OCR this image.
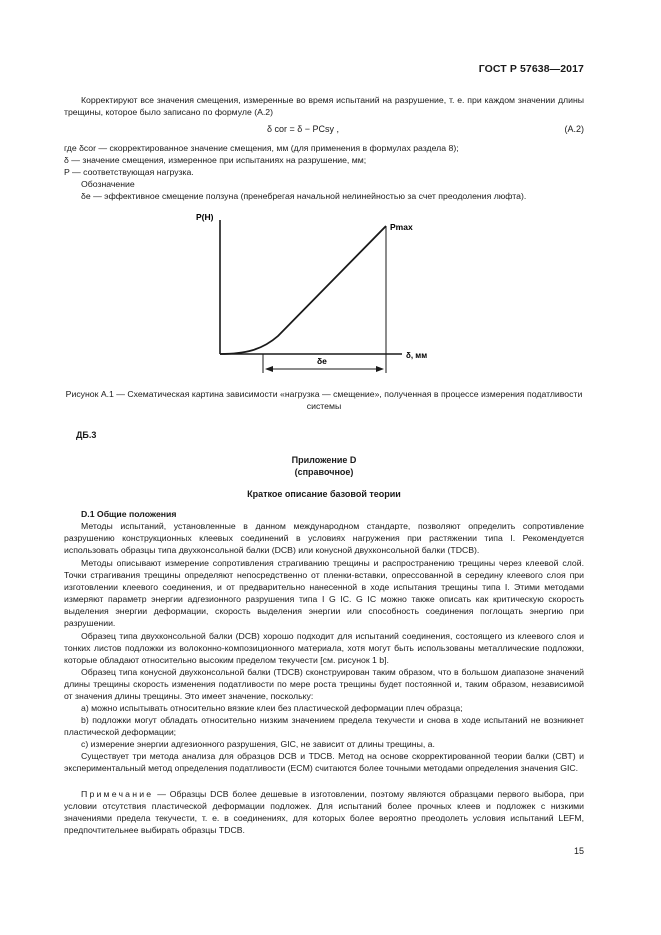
ГОСТ Р 57638—2017

Корректируют все значения смещения, измеренные во время испытаний на разрушение, т. е. при каждом значении длины трещины, которое было записано по формуле (А.2)

δ cor = δ − PCsy ,	(А.2)

где δcor — скорректированное значение смещения, мм (для применения в формулах раздела 8);

δ — значение смещения, измеренное при испытаниях на разрушение, мм;

P — соответствующая нагрузка.

Обозначение

δe — эффективное смещение ползуна (пренебрегая начальной нелинейностью за счет преодоления люфта).

P(Н)
Pmax
δ, мм
δe

Рисунок А.1 — Схематическая картина зависимости «нагрузка — смещение», полученная в процессе измерения податливости системы

ДБ.3
Приложение D
(справочное)
Краткое описание базовой теории

D.1 Общие положения

Методы испытаний, установленные в данном международном стандарте, позволяют определить сопротивление разрушению конструкционных клеевых соединений в условиях нагружения при растяжении типа I. Рекомендуется использовать образцы типа двухконсольной балки (DCB) или конусной двухконсольной балки (TDCB).

Методы описывают измерение сопротивления страгиванию трещины и распространению трещины через клеевой слой. Точки страгивания трещины определяют непосредственно от пленки-вставки, опрессованной в середину клеевого слоя при изготовлении клеевого соединения, и от предварительно нанесенной в ходе испытания трещины типа I. Этими методами измеряют параметр энергии адгезионного разрушения типа I G IC. G IC можно также описать как критическую скорость выделения энергии деформации, скорость выделения энергии или способность соединения поглощать энергию при разрушении.

Образец типа двухконсольной балки (DCB) хорошо подходит для испытаний соединения, состоящего из клеевого слоя и тонких листов подложки из волоконно-композиционного материала, хотя могут быть использованы металлические подложки, которые обладают относительно высоким пределом текучести [см. рисунок 1 b].

Образец типа конусной двухконсольной балки (TDCB) сконструирован таким образом, что в большом диапазоне значений длины трещины скорость изменения податливости по мере роста трещины будет постоянной и, таким образом, независимой от значения длины трещины. Это имеет значение, поскольку:

а) можно испытывать относительно вязкие клеи без пластической деформации плеч образца;

b) подложки могут обладать относительно низким значением предела текучести и снова в ходе испытаний не возникнет пластической деформации;

с) измерение энергии адгезионного разрушения, GIC, не зависит от длины трещины, a.

Существует три метода анализа для образцов DCB и TDCB. Метод на основе скорректированной теории балки (CBT) и экспериментальный метод определения податливости (ECM) считаются более точными методами определения значения GIC.

Примечание — Образцы DCB более дешевые в изготовлении, поэтому являются образцами первого выбора, при условии отсутствия пластической деформации подложек. Для испытаний более прочных клеев и подложек с низкими значениями предела текучести, т. е. в соединениях, для которых более вероятно преодолеть условия испытаний LEFM, предпочтительнее выбирать образцы TDCB.

15
